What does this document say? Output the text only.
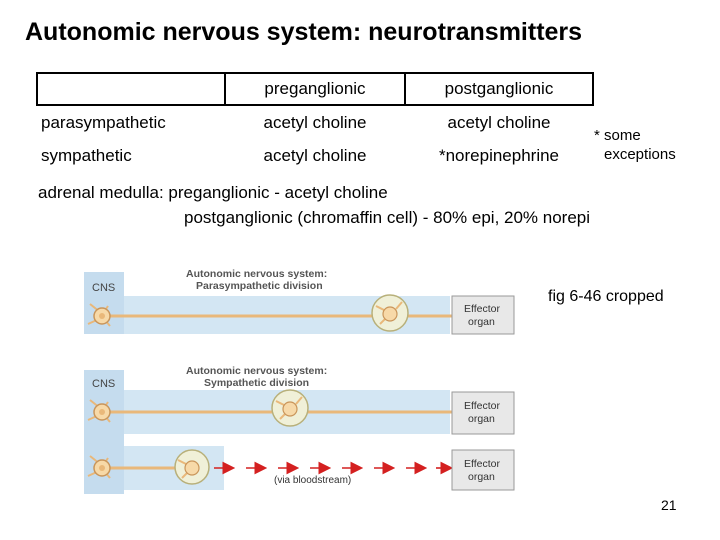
Autonomic nervous system: neurotransmitters
	preganglionic	postganglionic
parasympathetic	acetyl choline	acetyl choline
sympathetic	acetyl choline	*norepinephrine
* some
exceptions
adrenal medulla: preganglionic - acetyl choline
postganglionic (chromaffin cell) - 80% epi, 20% norepi
fig 6-46 cropped
CNS
CNS
Autonomic nervous system:
Parasympathetic division
Autonomic nervous system:
Sympathetic division
Effector
organ
Effector
organ
(via bloodstream)
Effector
organ
21
